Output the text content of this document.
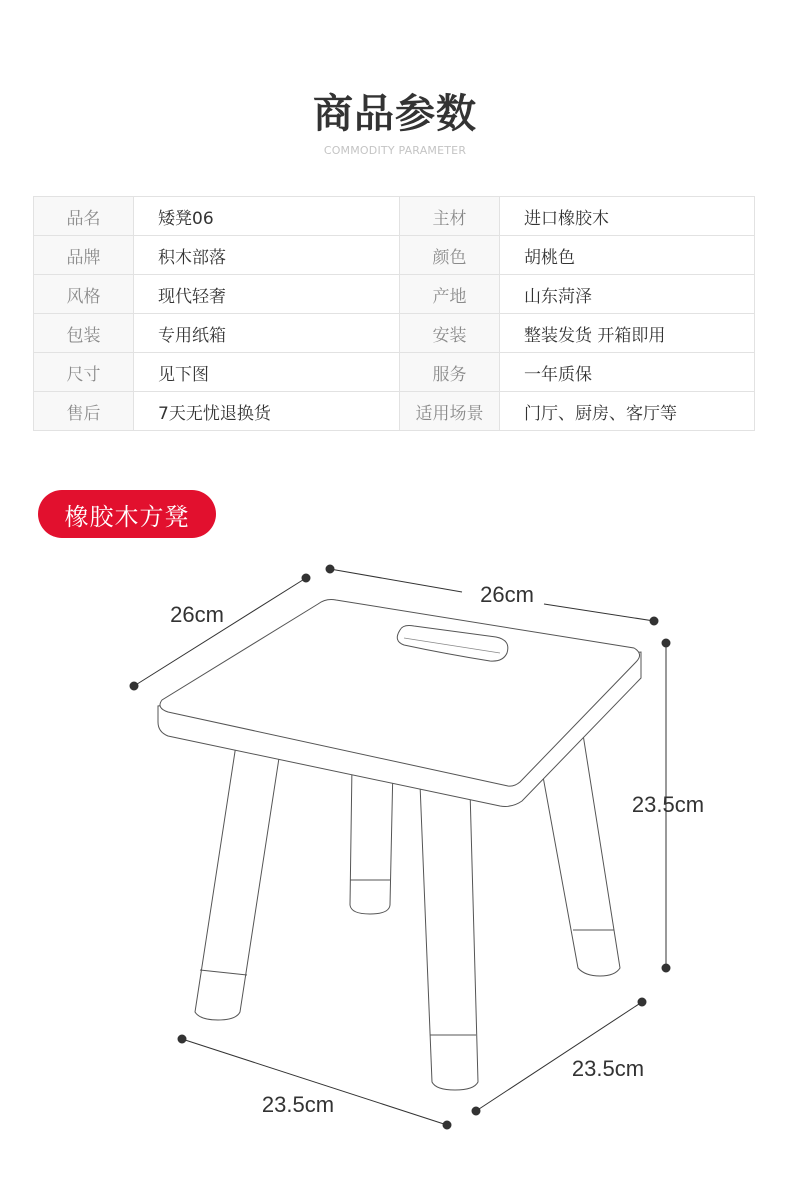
商品参数
COMMODITY PARAMETER
品名	矮凳06	主材	进口橡胶木
品牌	积木部落	颜色	胡桃色
风格	现代轻奢	产地	山东菏泽
包装	专用纸箱	安装	整装发货 开箱即用
尺寸	见下图	服务	一年质保
售后	7天无忧退换货	适用场景	门厅、厨房、客厅等
橡胶木方凳
26cm
26cm
23.5cm
23.5cm
23.5cm
